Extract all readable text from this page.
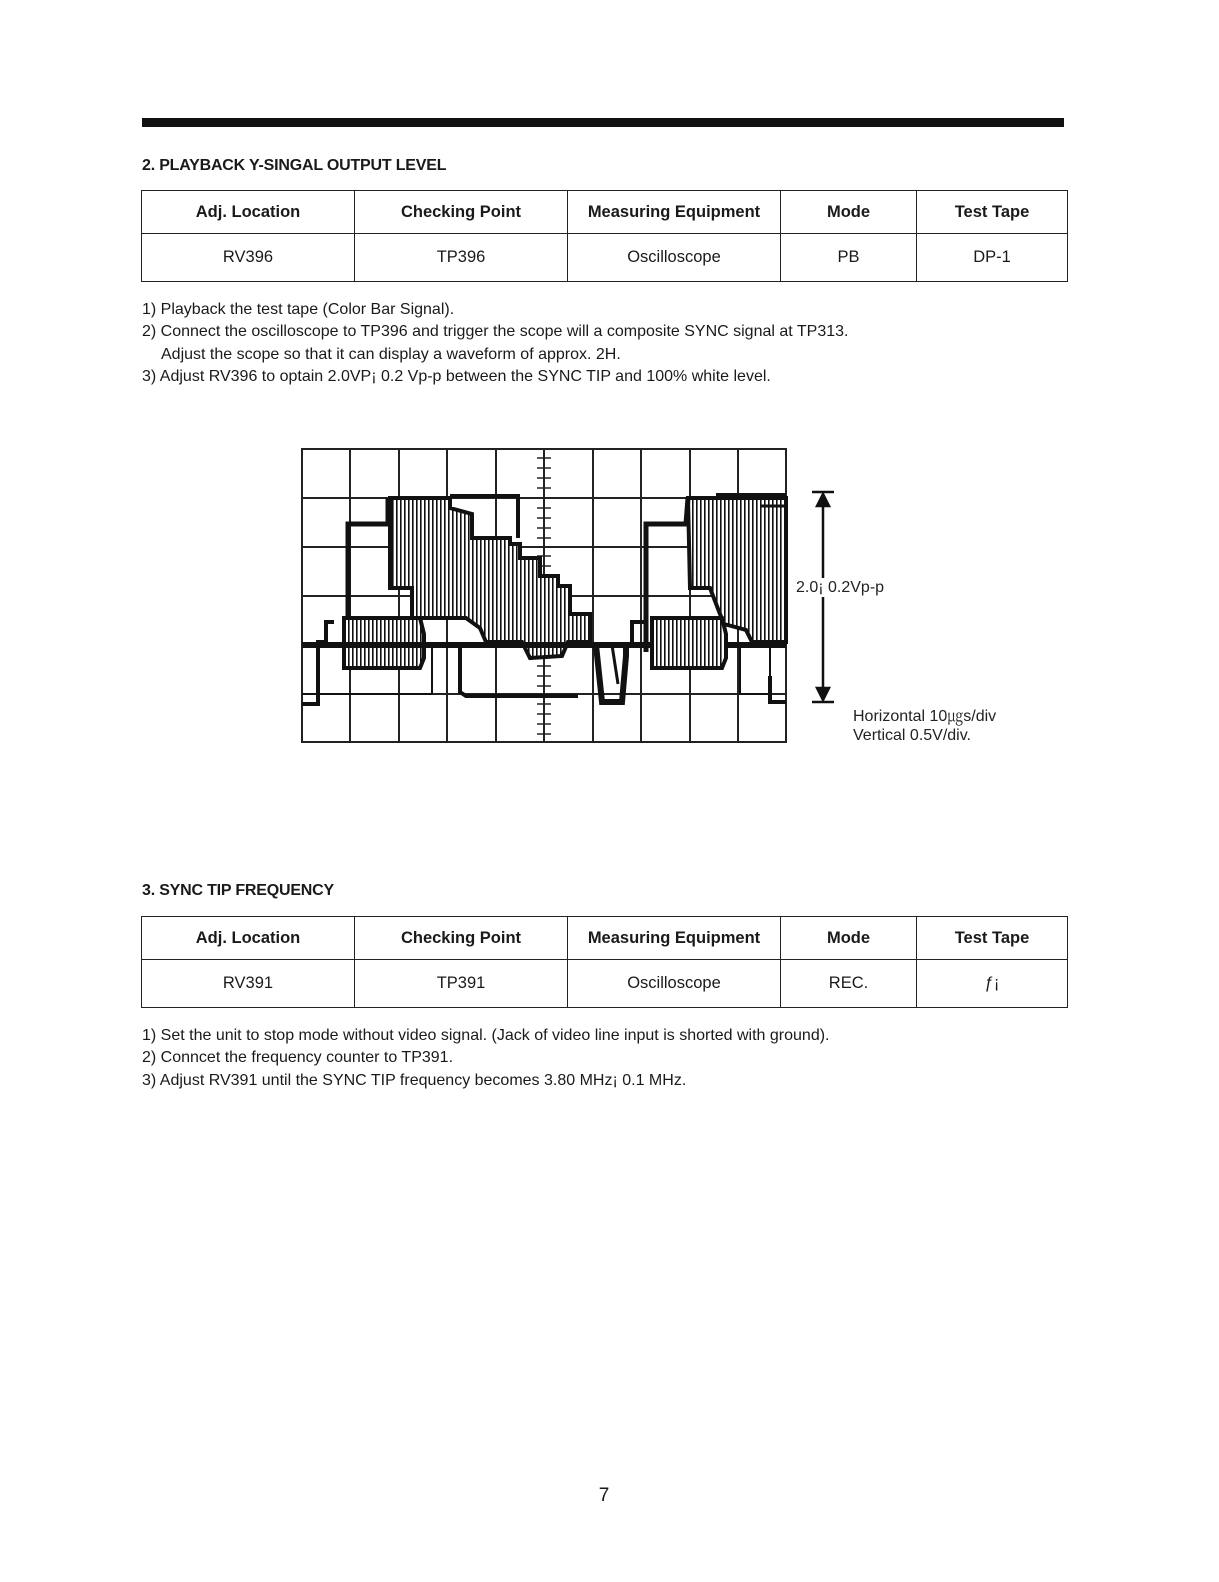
2. PLAYBACK Y-SINGAL OUTPUT LEVEL
Adj. Location	Checking Point	Measuring Equipment	Mode	Test Tape
RV396	TP396	Oscilloscope	PB	DP-1
1) Playback the test tape (Color Bar Signal).
2) Connect the oscilloscope to TP396 and trigger the scope will a composite SYNC signal at TP313.
Adjust the scope so that it can display a waveform of approx. 2H.
3) Adjust RV396 to optain 2.0VP¡ 0.2 Vp-p between the SYNC TIP and 100% white level.
2.0¡ 0.2Vp-p
Horizontal 10㎍s/div
Vertical 0.5V/div.
3. SYNC TIP FREQUENCY
Adj. Location	Checking Point	Measuring Equipment	Mode	Test Tape
RV391	TP391	Oscilloscope	REC.	ƒ¡
1) Set the unit to stop mode without video signal. (Jack of video line input is shorted with ground).
2) Conncet the frequency counter to TP391.
3) Adjust RV391 until the SYNC TIP frequency becomes 3.80 MHz¡ 0.1 MHz.
7
